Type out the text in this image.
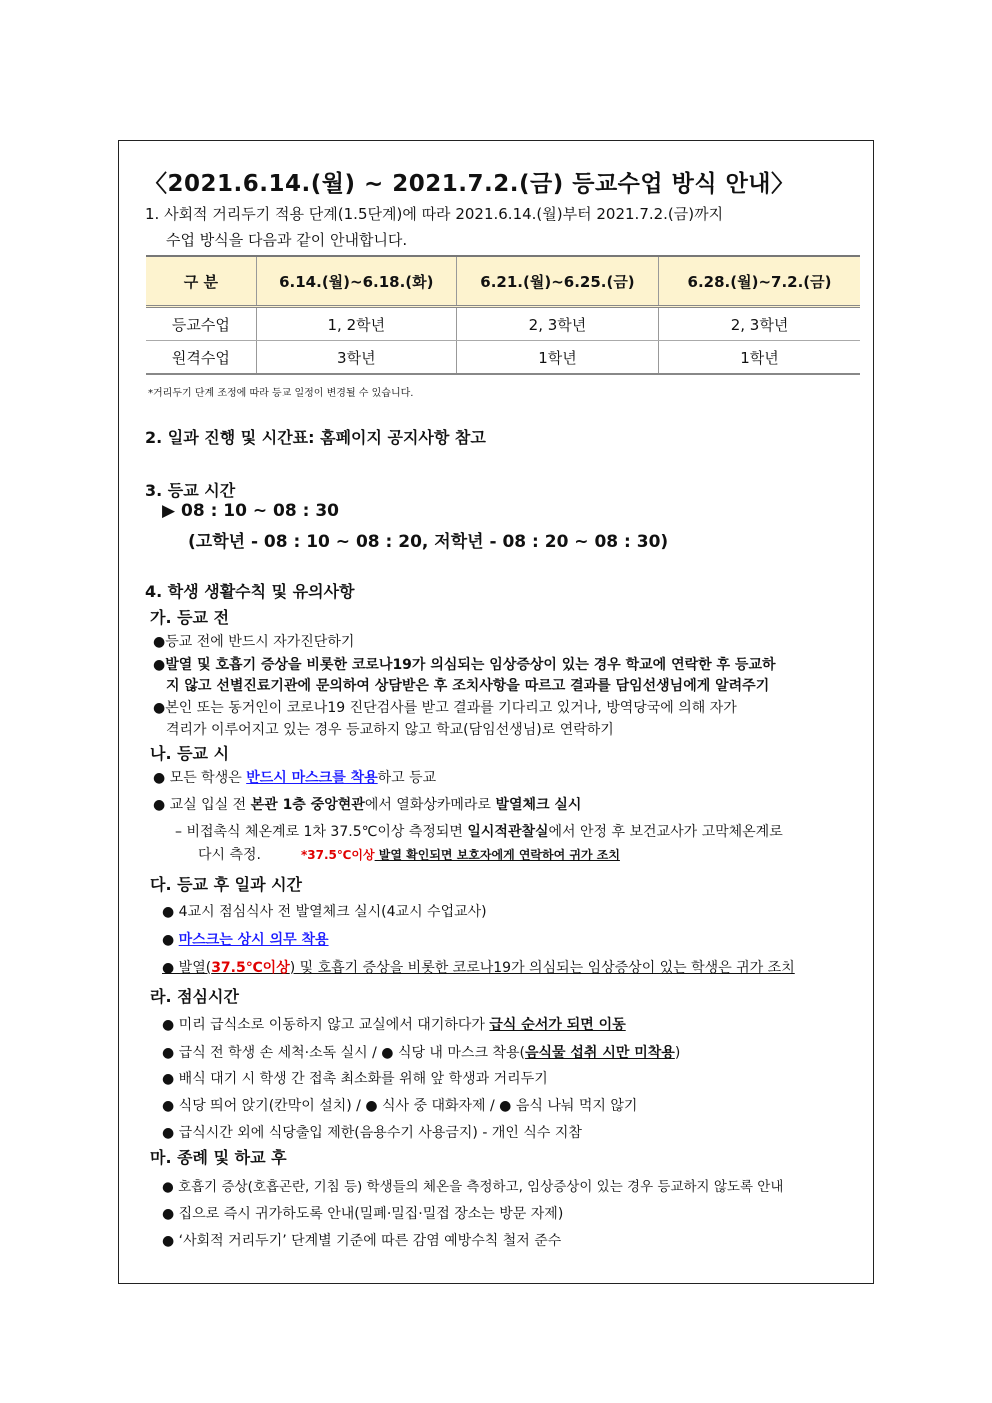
〈2021.6.14.(월) ~ 2021.7.2.(금) 등교수업 방식 안내〉
1. 사회적 거리두기 적용 단계(1.5단계)에 따라 2021.6.14.(월)부터 2021.7.2.(금)까지
수업 방식을 다음과 같이 안내합니다.
구 분	6.14.(월)~6.18.(화)	6.21.(월)~6.25.(금)	6.28.(월)~7.2.(금)
등교수업	1, 2학년	2, 3학년	2, 3학년
원격수업	3학년	1학년	1학년
*거리두기 단계 조정에 따라 등교 일정이 변경될 수 있습니다.
2. 일과 진행 및 시간표: 홈페이지 공지사항 참고
3. 등교 시간
▶ 08 : 10 ~ 08 : 30
(고학년 - 08 : 10 ~ 08 : 20, 저학년 - 08 : 20 ~ 08 : 30)
4. 학생 생활수칙 및 유의사항
가. 등교 전
●등교 전에 반드시 자가진단하기
●발열 및 호흡기 증상을 비롯한 코로나19가 의심되는 임상증상이 있는 경우 학교에 연락한 후 등교하
지 않고 선별진료기관에 문의하여 상담받은 후 조치사항을 따르고 결과를 담임선생님에게 알려주기
●본인 또는 동거인이 코로나19 진단검사를 받고 결과를 기다리고 있거나, 방역당국에 의해 자가
격리가 이루어지고 있는 경우 등교하지 않고 학교(담임선생님)로 연락하기
나. 등교 시
● 모든 학생은 반드시 마스크를 착용하고 등교
● 교실 입실 전 본관 1층 중앙현관에서 열화상카메라로 발열체크 실시
– 비접촉식 체온계로 1차 37.5℃이상 측정되면 일시적관찰실에서 안정 후 보건교사가 고막체온계로
다시 측정.	*37.5℃이상 발열 확인되면 보호자에게 연락하여 귀가 조치
다. 등교 후 일과 시간
● 4교시 점심식사 전 발열체크 실시(4교시 수업교사)
● 마스크는 상시 의무 착용
● 발열(37.5℃이상) 및 호흡기 증상을 비롯한 코로나19가 의심되는 임상증상이 있는 학생은 귀가 조치
라. 점심시간
● 미리 급식소로 이동하지 않고 교실에서 대기하다가 급식 순서가 되면 이동
● 급식 전 학생 손 세척·소독 실시 / ● 식당 내 마스크 착용(음식물 섭취 시만 미착용)
● 배식 대기 시 학생 간 접촉 최소화를 위해 앞 학생과 거리두기
● 식당 띄어 앉기(칸막이 설치) / ● 식사 중 대화자제 / ● 음식 나눠 먹지 않기
● 급식시간 외에 식당출입 제한(음용수기 사용금지) - 개인 식수 지참
마. 종례 및 하교 후
● 호흡기 증상(호흡곤란, 기침 등) 학생들의 체온을 측정하고, 임상증상이 있는 경우 등교하지 않도록 안내
● 집으로 즉시 귀가하도록 안내(밀폐·밀집·밀접 장소는 방문 자제)
● ‘사회적 거리두기’ 단계별 기준에 따른 감염 예방수칙 철저 준수
